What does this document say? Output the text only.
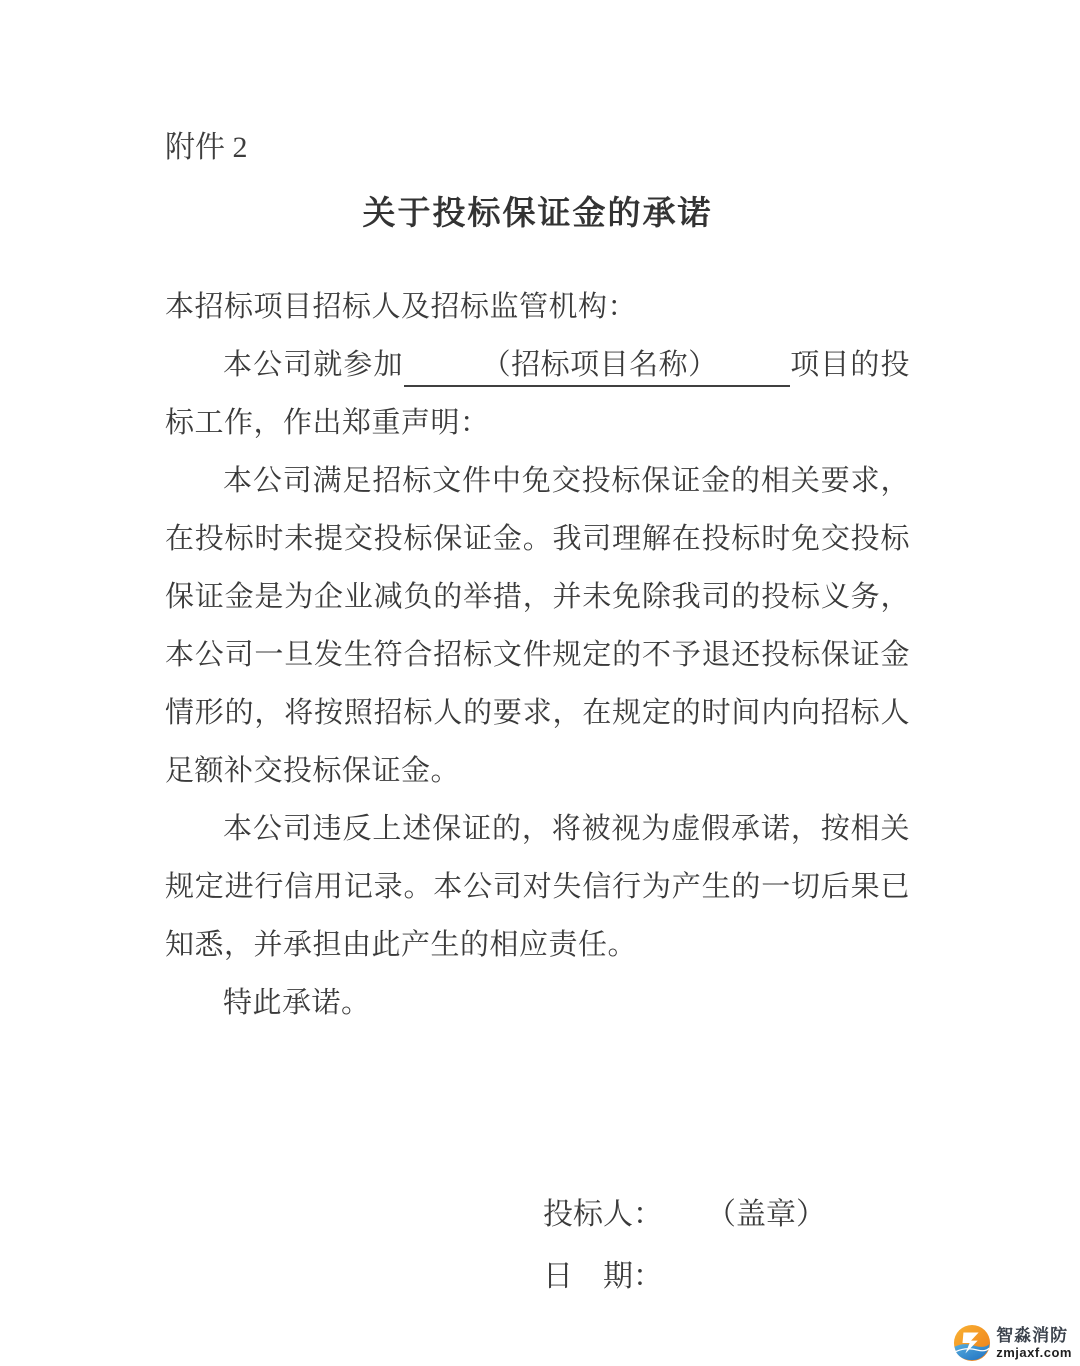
附件 2
关于投标保证金的承诺

本招标项目招标人及招标监管机构：

本公司就参加	（招标项目名称） 项目的投标工作，作出郑重声明：

本公司满足招标文件中免交投标保证金的相关要求，在投标时未提交投标保证金。我司理解在投标时免交投标保证金是为企业减负的举措，并未免除我司的投标义务，本公司一旦发生符合招标文件规定的不予退还投标保证金情形的，将按照招标人的要求，在规定的时间内向招标人足额补交投标保证金。

本公司违反上述保证的，将被视为虚假承诺，按相关规定进行信用记录。本公司对失信行为产生的一切后果已知悉，并承担由此产生的相应责任。

特此承诺。

投标人： （盖章）
日　期：
智淼消防
zmjaxf.com
